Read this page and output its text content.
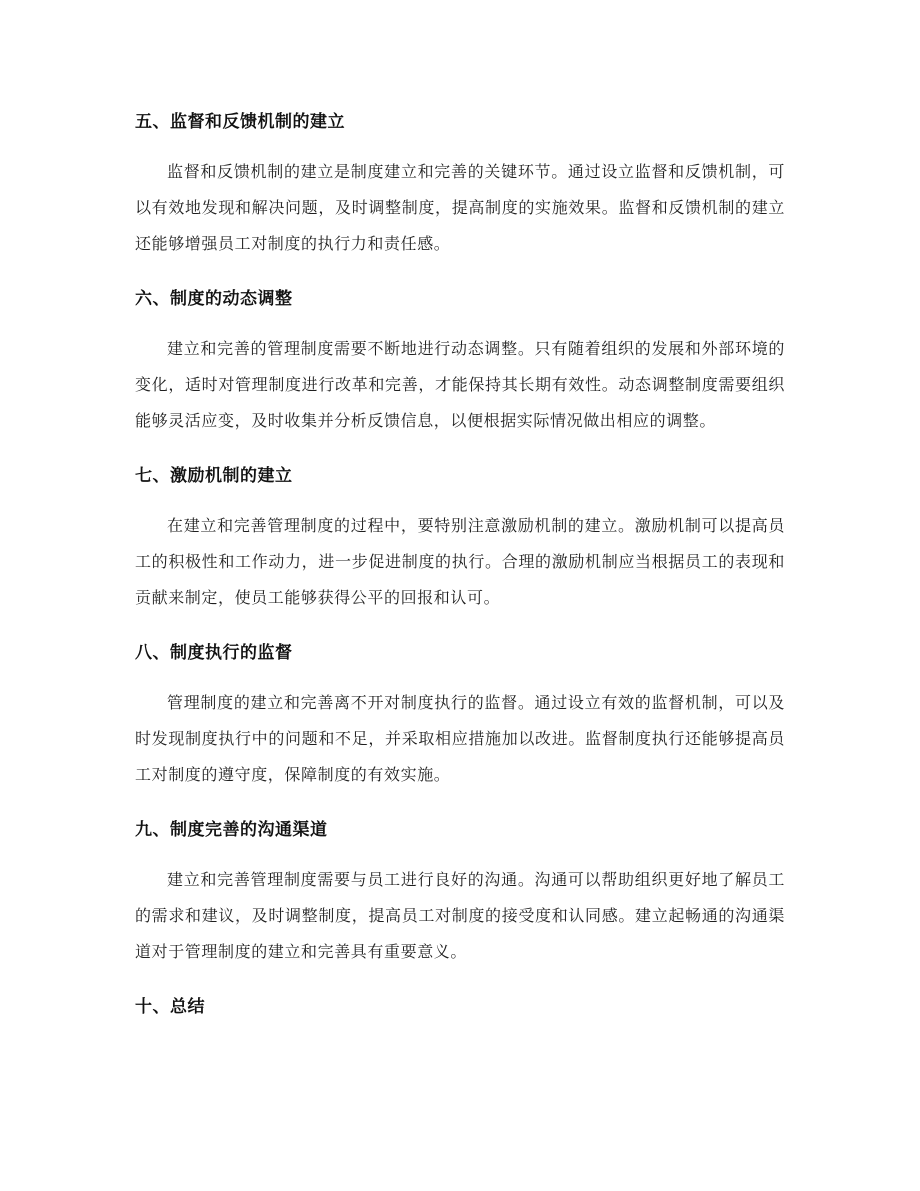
五、监督和反馈机制的建立

监督和反馈机制的建立是制度建立和完善的关键环节。通过设立监督和反馈机制，可以有效地发现和解决问题，及时调整制度，提高制度的实施效果。监督和反馈机制的建立还能够增强员工对制度的执行力和责任感。

六、制度的动态调整

建立和完善的管理制度需要不断地进行动态调整。只有随着组织的发展和外部环境的变化，适时对管理制度进行改革和完善，才能保持其长期有效性。动态调整制度需要组织能够灵活应变，及时收集并分析反馈信息，以便根据实际情况做出相应的调整。

七、激励机制的建立

在建立和完善管理制度的过程中，要特别注意激励机制的建立。激励机制可以提高员工的积极性和工作动力，进一步促进制度的执行。合理的激励机制应当根据员工的表现和贡献来制定，使员工能够获得公平的回报和认可。

八、制度执行的监督

管理制度的建立和完善离不开对制度执行的监督。通过设立有效的监督机制，可以及时发现制度执行中的问题和不足，并采取相应措施加以改进。监督制度执行还能够提高员工对制度的遵守度，保障制度的有效实施。

九、制度完善的沟通渠道

建立和完善管理制度需要与员工进行良好的沟通。沟通可以帮助组织更好地了解员工的需求和建议，及时调整制度，提高员工对制度的接受度和认同感。建立起畅通的沟通渠道对于管理制度的建立和完善具有重要意义。

十、总结
